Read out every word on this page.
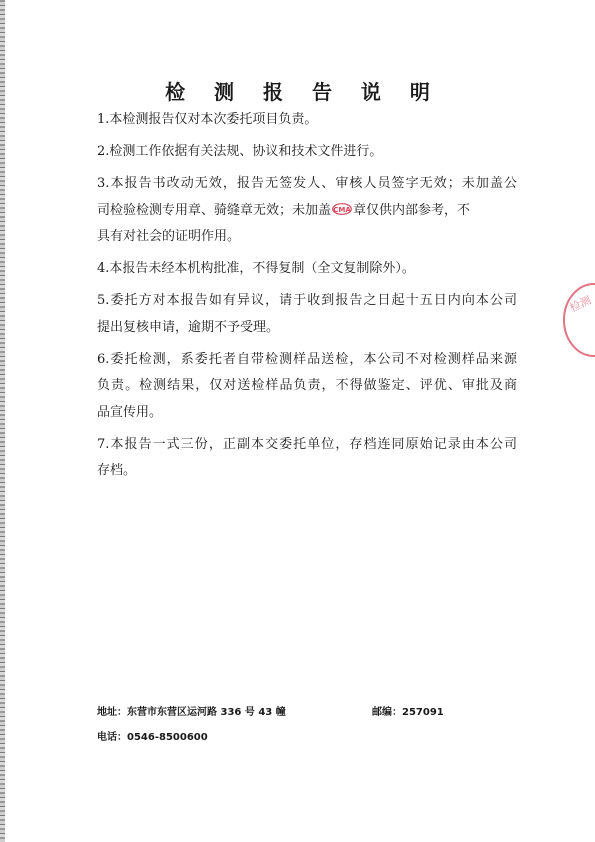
检 测 报 告 说 明
1.本检测报告仅对本次委托项目负责。
2.检测工作依据有关法规、协议和技术文件进行。
3.本报告书改动无效，报告无签发人、审核人员签字无效；未加盖公
司检验检测专用章、骑缝章无效；未加盖 CMA 章仅供内部参考，不
具有对社会的证明作用。
4.本报告未经本机构批准，不得复制（全文复制除外）。
5.委托方对本报告如有异议，请于收到报告之日起十五日内向本公司
提出复核申请，逾期不予受理。
6.委托检测，系委托者自带检测样品送检，本公司不对检测样品来源
负责。检测结果，仅对送检样品负责，不得做鉴定、评优、审批及商
品宣传用。
7.本报告一式三份，正副本交委托单位，存档连同原始记录由本公司
存档。
检测
地址：东营市东营区运河路 336 号 43 幢	邮编：257091
电话：0546-8500600
